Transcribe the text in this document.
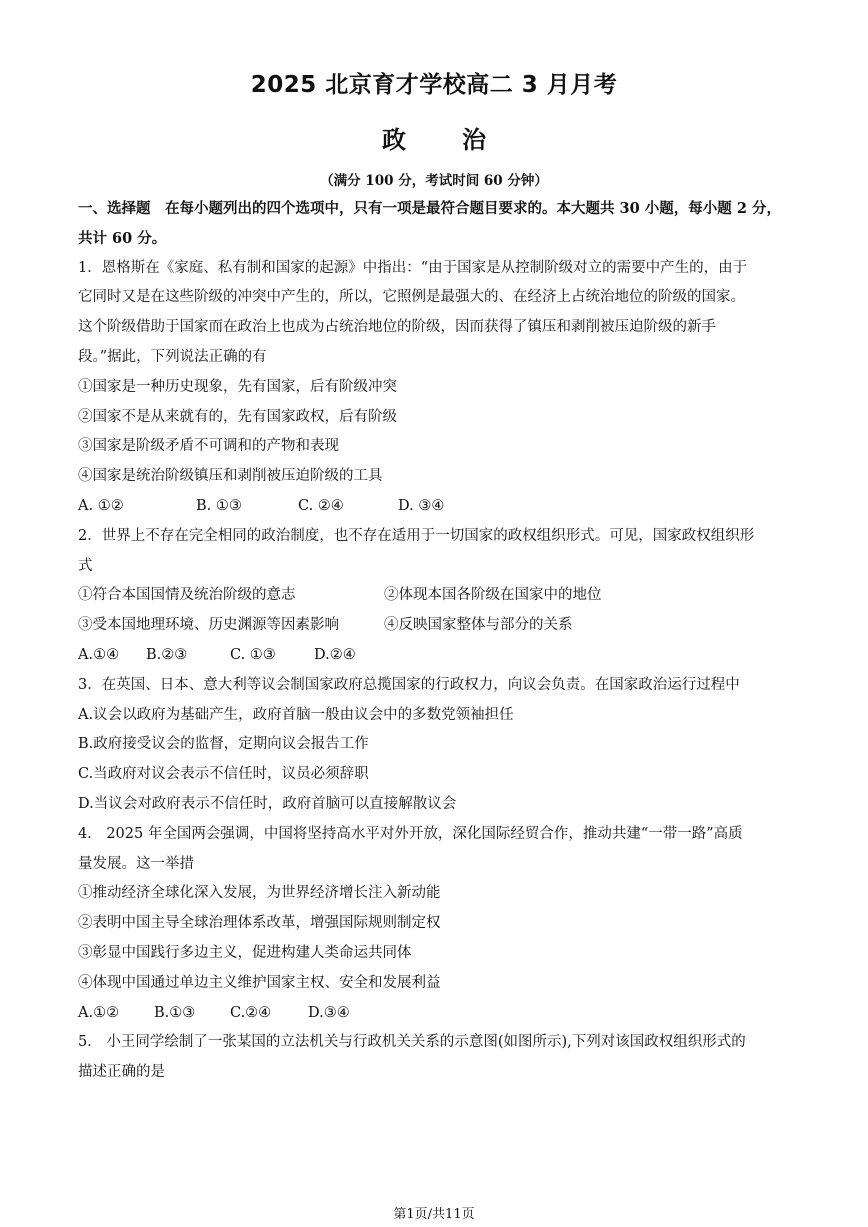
2025 北京育才学校高二 3 月月考
政 治
（满分 100 分，考试时间 60 分钟）
一、选择题　在每小题列出的四个选项中，只有一项是最符合题目要求的。本大题共 30 小题，每小题 2 分，
共计 60 分。
1．恩格斯在《家庭、私有制和国家的起源》中指出：“由于国家是从控制阶级对立的需要中产生的，由于
它同时又是在这些阶级的冲突中产生的，所以，它照例是最强大的、在经济上占统治地位的阶级的国家。
这个阶级借助于国家而在政治上也成为占统治地位的阶级，因而获得了镇压和剥削被压迫阶级的新手
段。”据此，下列说法正确的有
①国家是一种历史现象，先有国家，后有阶级冲突
②国家不是从来就有的，先有国家政权，后有阶级
③国家是阶级矛盾不可调和的产物和表现
④国家是统治阶级镇压和剥削被压迫阶级的工具
A. ①②	B. ①③	C. ②④	D. ③④
2．世界上不存在完全相同的政治制度，也不存在适用于一切国家的政权组织形式。可见，国家政权组织形
式
①符合本国国情及统治阶级的意志	②体现本国各阶级在国家中的地位
③受本国地理环境、历史渊源等因素影响	④反映国家整体与部分的关系
A.①④ B.②③	C. ①③	D.②④
3．在英国、日本、意大利等议会制国家政府总揽国家的行政权力，向议会负责。在国家政治运行过程中
A.议会以政府为基础产生，政府首脑一般由议会中的多数党领袖担任
B.政府接受议会的监督，定期向议会报告工作
C.当政府对议会表示不信任时，议员必须辞职
D.当议会对政府表示不信任时，政府首脑可以直接解散议会
4． 2025 年全国两会强调，中国将坚持高水平对外开放，深化国际经贸合作，推动共建“一带一路”高质
量发展。这一举措
①推动经济全球化深入发展，为世界经济增长注入新动能
②表明中国主导全球治理体系改革，增强国际规则制定权
③彰显中国践行多边主义，促进构建人类命运共同体
④体现中国通过单边主义维护国家主权、安全和发展利益
A.①② B.①③ C.②④	D.③④
5． 小王同学绘制了一张某国的立法机关与行政机关关系的示意图(如图所示),下列对该国政权组织形式的
描述正确的是
第1页/共11页
